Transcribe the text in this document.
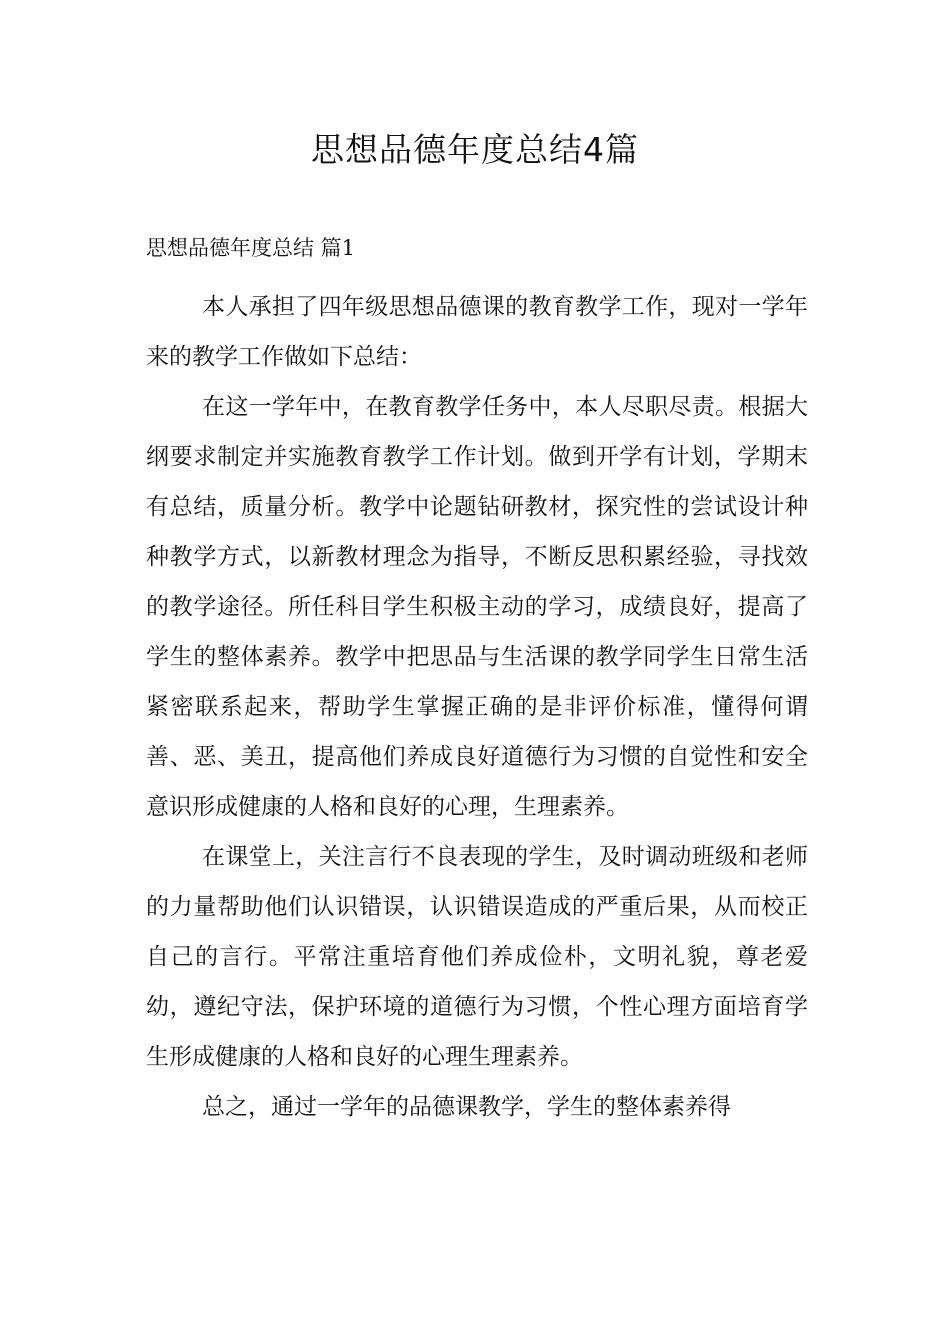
思想品德年度总结4篇
思想品德年度总结 篇1

本人承担了四年级思想品德课的教育教学工作，现对一学年来的教学工作做如下总结：

在这一学年中，在教育教学任务中，本人尽职尽责。根据大纲要求制定并实施教育教学工作计划。做到开学有计划，学期末有总结，质量分析。教学中论题钻研教材，探究性的尝试设计种种教学方式，以新教材理念为指导，不断反思积累经验，寻找效的教学途径。所任科目学生积极主动的学习，成绩良好，提高了学生的整体素养。教学中把思品与生活课的教学同学生日常生活紧密联系起来，帮助学生掌握正确的是非评价标准，懂得何谓善、恶、美丑，提高他们养成良好道德行为习惯的自觉性和安全意识形成健康的人格和良好的心理，生理素养。

在课堂上，关注言行不良表现的学生，及时调动班级和老师的力量帮助他们认识错误，认识错误造成的严重后果，从而校正自己的言行。平常注重培育他们养成俭朴，文明礼貌，尊老爱幼，遵纪守法，保护环境的道德行为习惯，个性心理方面培育学生形成健康的人格和良好的心理生理素养。

总之，通过一学年的品德课教学，学生的整体素养得
